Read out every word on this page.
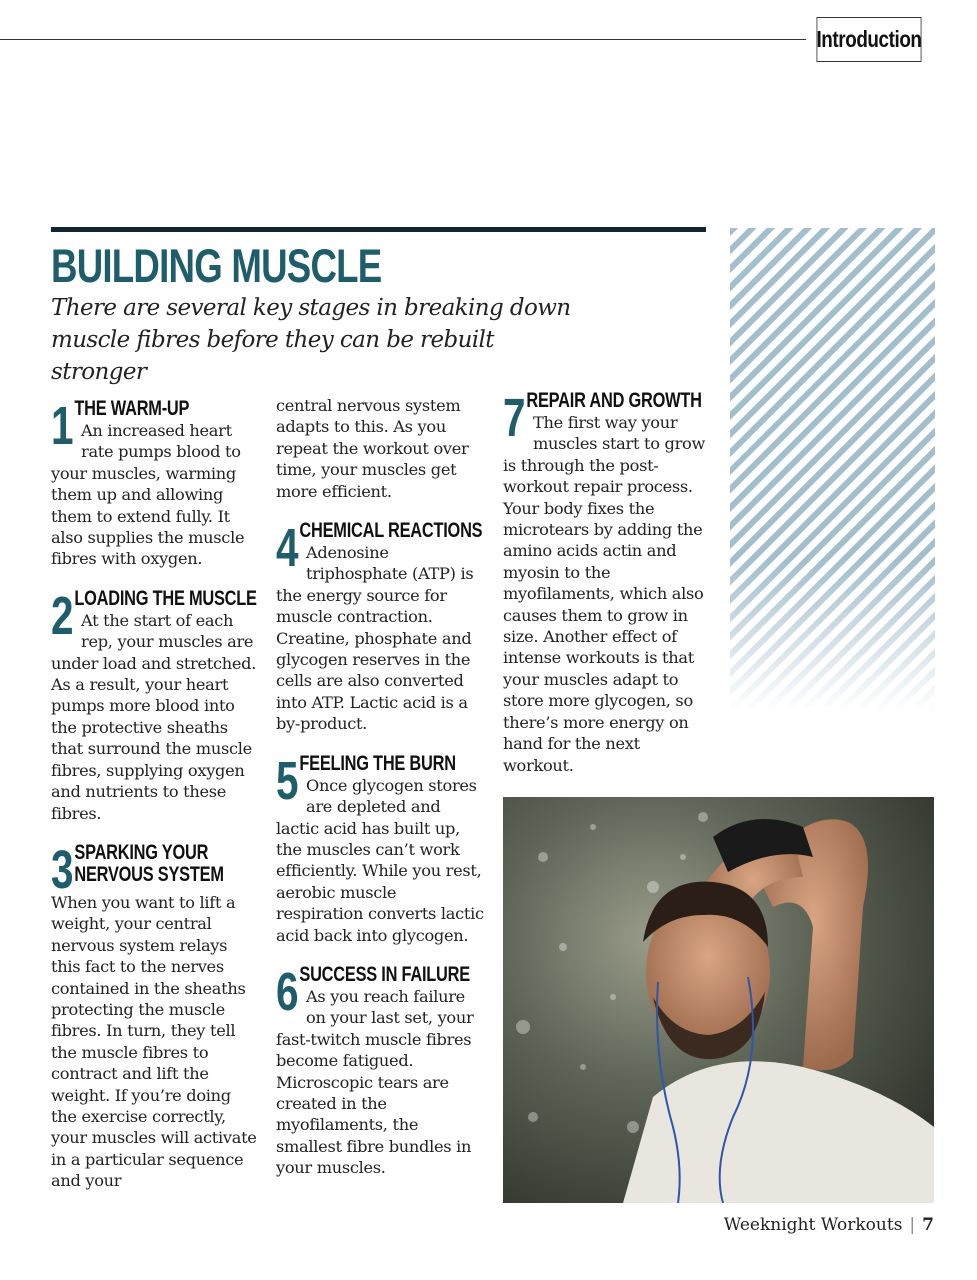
Introduction
BUILDING MUSCLE

There are several key stages in breaking down muscle fibres before they can be rebuilt stronger

1 THE WARM-UP
An increased heart rate pumps blood to your muscles, warming them up and allowing them to extend fully. It also supplies the muscle fibres with oxygen.
2 LOADING THE MUSCLE
At the start of each rep, your muscles are under load and stretched. As a result, your heart pumps more blood into the protective sheaths that surround the muscle fibres, supplying oxygen and nutrients to these fibres.
3 SPARKING YOUR
NERVOUS SYSTEM
When you want to lift a weight, your central nervous system relays this fact to the nerves contained in the sheaths protecting the muscle fibres. In turn, they tell the muscle fibres to contract and lift the weight. If you’re doing the exercise correctly, your muscles will activate in a particular sequence and your

central nervous system adapts to this. As you repeat the workout over time, your muscles get more efficient.

4 CHEMICAL REACTIONS
Adenosine triphosphate (ATP) is the energy source for muscle contraction. Creatine, phosphate and glycogen reserves in the cells are also converted into ATP. Lactic acid is a by-product.
5 FEELING THE BURN
Once glycogen stores are depleted and lactic acid has built up, the muscles can’t work efficiently. While you rest, aerobic muscle respiration converts lactic acid back into glycogen.
6 SUCCESS IN FAILURE
As you reach failure on your last set, your fast-twitch muscle fibres become fatigued. Microscopic tears are created in the myofilaments, the smallest fibre bundles in your muscles.
7 REPAIR AND GROWTH
The first way your muscles start to grow is through the post-workout repair process. Your body fixes the microtears by adding the amino acids actin and myosin to the myofilaments, which also causes them to grow in size. Another effect of intense workouts is that your muscles adapt to store more glycogen, so there’s more energy on hand for the next workout.
Weeknight Workouts | 7
